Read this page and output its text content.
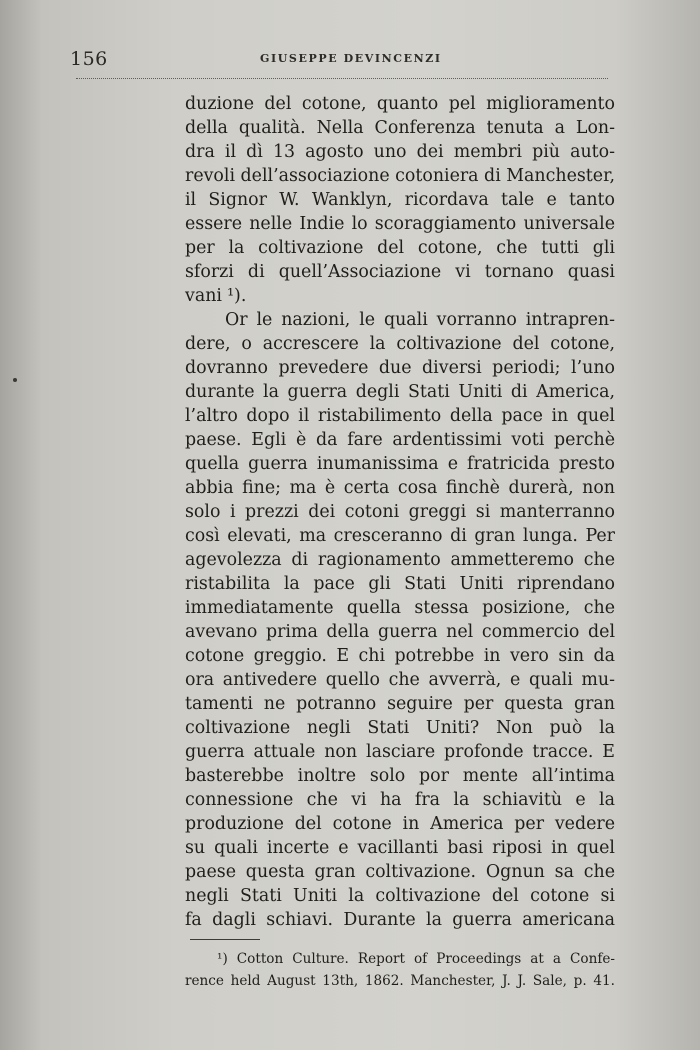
156	GIUSEPPE DEVINCENZI
duzione del cotone, quanto pel miglioramento
della qualità. Nella Conferenza tenuta a Lon-
dra il dì 13 agosto uno dei membri più auto-
revoli dell’associazione cotoniera di Manchester,
il Signor W. Wanklyn, ricordava tale e tanto
essere nelle Indie lo scoraggiamento universale
per la coltivazione del cotone, che tutti gli
sforzi di quell’Associazione vi tornano quasi
vani ¹).
Or le nazioni, le quali vorranno intrapren-
dere, o accrescere la coltivazione del cotone,
dovranno prevedere due diversi periodi; l’uno
durante la guerra degli Stati Uniti di America,
l’altro dopo il ristabilimento della pace in quel
paese. Egli è da fare ardentissimi voti perchè
quella guerra inumanissima e fratricida presto
abbia fine; ma è certa cosa finchè durerà, non
solo i prezzi dei cotoni greggi si manterranno
così elevati, ma cresceranno di gran lunga. Per
agevolezza di ragionamento ammetteremo che
ristabilita la pace gli Stati Uniti riprendano
immediatamente quella stessa posizione, che
avevano prima della guerra nel commercio del
cotone greggio. E chi potrebbe in vero sin da
ora antivedere quello che avverrà, e quali mu-
tamenti ne potranno seguire per questa gran
coltivazione negli Stati Uniti? Non può la
guerra attuale non lasciare profonde tracce. E
basterebbe inoltre solo por mente all’intima
connessione che vi ha fra la schiavitù e la
produzione del cotone in America per vedere
su quali incerte e vacillanti basi riposi in quel
paese questa gran coltivazione. Ognun sa che
negli Stati Uniti la coltivazione del cotone si
fa dagli schiavi. Durante la guerra americana
¹) Cotton Culture. Report of Proceedings at a Confe-
rence held August 13th, 1862. Manchester, J. J. Sale, p. 41.
